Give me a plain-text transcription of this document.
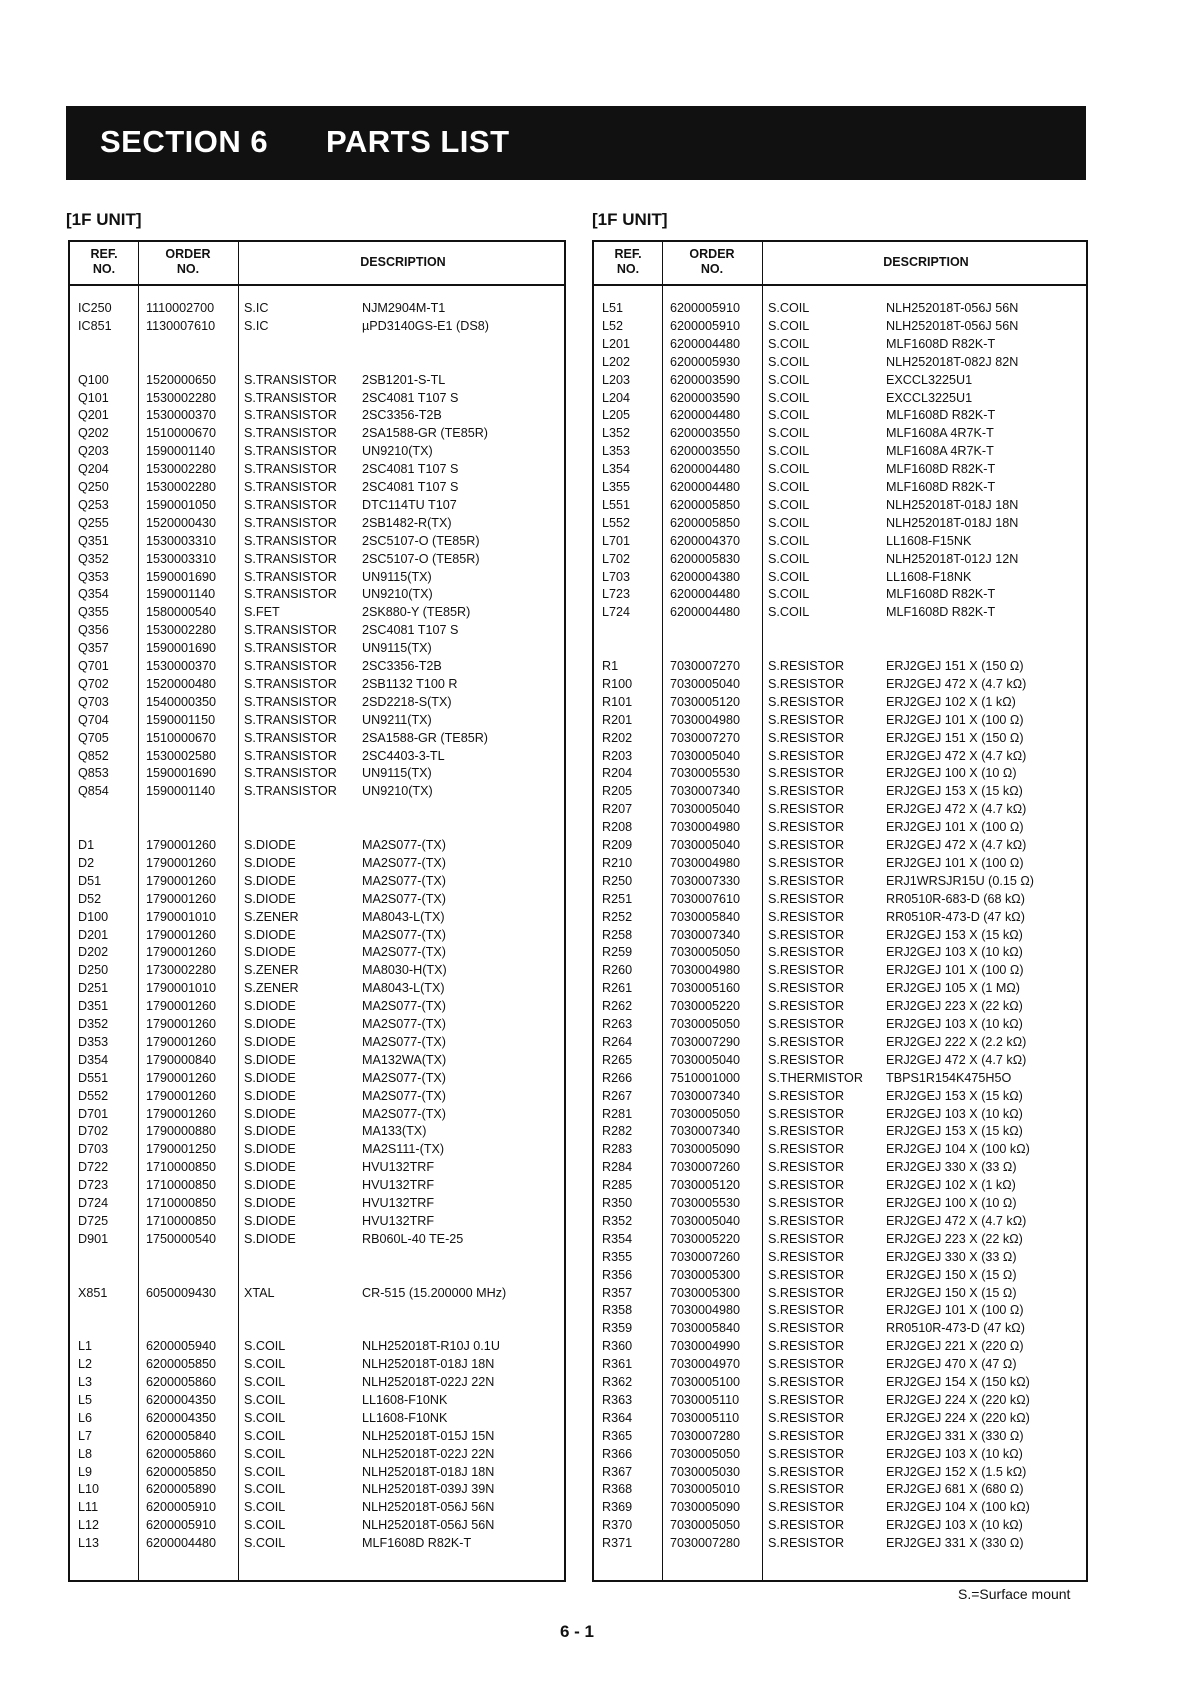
SECTION 6 PARTS LIST
[1F UNIT]	[1F UNIT]
REF.
NO.
ORDER
NO.	DESCRIPTION
IC250	1110002700 S.IC	NJM2904M-T1
IC851	1130007610 S.IC	µPD3140GS-E1 (DS8)
Q100	1520000650 S.TRANSISTOR 2SB1201-S-TL
Q101	1530002280 S.TRANSISTOR 2SC4081 T107 S
Q201	1530000370 S.TRANSISTOR 2SC3356-T2B
Q202	1510000670 S.TRANSISTOR 2SA1588-GR (TE85R)
Q203	1590001140 S.TRANSISTOR UN9210(TX)
Q204	1530002280 S.TRANSISTOR 2SC4081 T107 S
Q250	1530002280 S.TRANSISTOR 2SC4081 T107 S
Q253	1590001050 S.TRANSISTOR DTC114TU T107
Q255	1520000430 S.TRANSISTOR 2SB1482-R(TX)
Q351	1530003310 S.TRANSISTOR 2SC5107-O (TE85R)
Q352	1530003310 S.TRANSISTOR 2SC5107-O (TE85R)
Q353	1590001690 S.TRANSISTOR UN9115(TX)
Q354	1590001140 S.TRANSISTOR UN9210(TX)
Q355	1580000540 S.FET	2SK880-Y (TE85R)
Q356	1530002280 S.TRANSISTOR 2SC4081 T107 S
Q357	1590001690 S.TRANSISTOR UN9115(TX)
Q701	1530000370 S.TRANSISTOR 2SC3356-T2B
Q702	1520000480 S.TRANSISTOR 2SB1132 T100 R
Q703	1540000350 S.TRANSISTOR 2SD2218-S(TX)
Q704	1590001150 S.TRANSISTOR UN9211(TX)
Q705	1510000670 S.TRANSISTOR 2SA1588-GR (TE85R)
Q852	1530002580 S.TRANSISTOR 2SC4403-3-TL
Q853	1590001690 S.TRANSISTOR UN9115(TX)
Q854	1590001140 S.TRANSISTOR UN9210(TX)
D1	1790001260 S.DIODE	MA2S077-(TX)
D2	1790001260 S.DIODE	MA2S077-(TX)
D51	1790001260 S.DIODE	MA2S077-(TX)
D52	1790001260 S.DIODE	MA2S077-(TX)
D100	1790001010 S.ZENER	MA8043-L(TX)
D201	1790001260 S.DIODE	MA2S077-(TX)
D202	1790001260 S.DIODE	MA2S077-(TX)
D250	1730002280 S.ZENER	MA8030-H(TX)
D251	1790001010 S.ZENER	MA8043-L(TX)
D351	1790001260 S.DIODE	MA2S077-(TX)
D352	1790001260 S.DIODE	MA2S077-(TX)
D353	1790001260 S.DIODE	MA2S077-(TX)
D354	1790000840 S.DIODE	MA132WA(TX)
D551	1790001260 S.DIODE	MA2S077-(TX)
D552	1790001260 S.DIODE	MA2S077-(TX)
D701	1790001260 S.DIODE	MA2S077-(TX)
D702	1790000880 S.DIODE	MA133(TX)
D703	1790001250 S.DIODE	MA2S111-(TX)
D722	1710000850 S.DIODE	HVU132TRF
D723	1710000850 S.DIODE	HVU132TRF
D724	1710000850 S.DIODE	HVU132TRF
D725	1710000850 S.DIODE	HVU132TRF
D901	1750000540 S.DIODE	RB060L-40 TE-25
X851	6050009430 XTAL	CR-515 (15.200000 MHz)
L1	6200005940 S.COIL	NLH252018T-R10J 0.1U
L2	6200005850 S.COIL	NLH252018T-018J 18N
L3	6200005860 S.COIL	NLH252018T-022J 22N
L5	6200004350 S.COIL	LL1608-F10NK
L6	6200004350 S.COIL	LL1608-F10NK
L7	6200005840 S.COIL	NLH252018T-015J 15N
L8	6200005860 S.COIL	NLH252018T-022J 22N
L9	6200005850 S.COIL	NLH252018T-018J 18N
L10	6200005890 S.COIL	NLH252018T-039J 39N
L11	6200005910 S.COIL	NLH252018T-056J 56N
L12	6200005910 S.COIL	NLH252018T-056J 56N
L13	6200004480 S.COIL	MLF1608D R82K-T
REF.
NO.
ORDER
NO.	DESCRIPTION
L51	6200005910 S.COIL	NLH252018T-056J 56N
L52	6200005910 S.COIL	NLH252018T-056J 56N
L201	6200004480 S.COIL	MLF1608D R82K-T
L202	6200005930 S.COIL	NLH252018T-082J 82N
L203	6200003590 S.COIL	EXCCL3225U1
L204	6200003590 S.COIL	EXCCL3225U1
L205	6200004480 S.COIL	MLF1608D R82K-T
L352	6200003550 S.COIL	MLF1608A 4R7K-T
L353	6200003550 S.COIL	MLF1608A 4R7K-T
L354	6200004480 S.COIL	MLF1608D R82K-T
L355	6200004480 S.COIL	MLF1608D R82K-T
L551	6200005850 S.COIL	NLH252018T-018J 18N
L552	6200005850 S.COIL	NLH252018T-018J 18N
L701	6200004370 S.COIL	LL1608-F15NK
L702	6200005830 S.COIL	NLH252018T-012J 12N
L703	6200004380 S.COIL	LL1608-F18NK
L723	6200004480 S.COIL	MLF1608D R82K-T
L724	6200004480 S.COIL	MLF1608D R82K-T
R1	7030007270 S.RESISTOR	ERJ2GEJ 151 X (150 Ω)
R100	7030005040 S.RESISTOR	ERJ2GEJ 472 X (4.7 kΩ)
R101	7030005120 S.RESISTOR	ERJ2GEJ 102 X (1 kΩ)
R201	7030004980 S.RESISTOR	ERJ2GEJ 101 X (100 Ω)
R202	7030007270 S.RESISTOR	ERJ2GEJ 151 X (150 Ω)
R203	7030005040 S.RESISTOR	ERJ2GEJ 472 X (4.7 kΩ)
R204	7030005530 S.RESISTOR	ERJ2GEJ 100 X (10 Ω)
R205	7030007340 S.RESISTOR	ERJ2GEJ 153 X (15 kΩ)
R207	7030005040 S.RESISTOR	ERJ2GEJ 472 X (4.7 kΩ)
R208	7030004980 S.RESISTOR	ERJ2GEJ 101 X (100 Ω)
R209	7030005040 S.RESISTOR	ERJ2GEJ 472 X (4.7 kΩ)
R210	7030004980 S.RESISTOR	ERJ2GEJ 101 X (100 Ω)
R250	7030007330 S.RESISTOR	ERJ1WRSJR15U (0.15 Ω)
R251	7030007610 S.RESISTOR	RR0510R-683-D (68 kΩ)
R252	7030005840 S.RESISTOR	RR0510R-473-D (47 kΩ)
R258	7030007340 S.RESISTOR	ERJ2GEJ 153 X (15 kΩ)
R259	7030005050 S.RESISTOR	ERJ2GEJ 103 X (10 kΩ)
R260	7030004980 S.RESISTOR	ERJ2GEJ 101 X (100 Ω)
R261	7030005160 S.RESISTOR	ERJ2GEJ 105 X (1 MΩ)
R262	7030005220 S.RESISTOR	ERJ2GEJ 223 X (22 kΩ)
R263	7030005050 S.RESISTOR	ERJ2GEJ 103 X (10 kΩ)
R264	7030007290 S.RESISTOR	ERJ2GEJ 222 X (2.2 kΩ)
R265	7030005040 S.RESISTOR	ERJ2GEJ 472 X (4.7 kΩ)
R266	7510001000 S.THERMISTOR TBPS1R154K475H5O
R267	7030007340 S.RESISTOR	ERJ2GEJ 153 X (15 kΩ)
R281	7030005050 S.RESISTOR	ERJ2GEJ 103 X (10 kΩ)
R282	7030007340 S.RESISTOR	ERJ2GEJ 153 X (15 kΩ)
R283	7030005090 S.RESISTOR	ERJ2GEJ 104 X (100 kΩ)
R284	7030007260 S.RESISTOR	ERJ2GEJ 330 X (33 Ω)
R285	7030005120 S.RESISTOR	ERJ2GEJ 102 X (1 kΩ)
R350	7030005530 S.RESISTOR	ERJ2GEJ 100 X (10 Ω)
R352	7030005040 S.RESISTOR	ERJ2GEJ 472 X (4.7 kΩ)
R354	7030005220 S.RESISTOR	ERJ2GEJ 223 X (22 kΩ)
R355	7030007260 S.RESISTOR	ERJ2GEJ 330 X (33 Ω)
R356	7030005300 S.RESISTOR	ERJ2GEJ 150 X (15 Ω)
R357	7030005300 S.RESISTOR	ERJ2GEJ 150 X (15 Ω)
R358	7030004980 S.RESISTOR	ERJ2GEJ 101 X (100 Ω)
R359	7030005840 S.RESISTOR	RR0510R-473-D (47 kΩ)
R360	7030004990 S.RESISTOR	ERJ2GEJ 221 X (220 Ω)
R361	7030004970 S.RESISTOR	ERJ2GEJ 470 X (47 Ω)
R362	7030005100 S.RESISTOR	ERJ2GEJ 154 X (150 kΩ)
R363	7030005110 S.RESISTOR	ERJ2GEJ 224 X (220 kΩ)
R364	7030005110 S.RESISTOR	ERJ2GEJ 224 X (220 kΩ)
R365	7030007280 S.RESISTOR	ERJ2GEJ 331 X (330 Ω)
R366	7030005050 S.RESISTOR	ERJ2GEJ 103 X (10 kΩ)
R367	7030005030 S.RESISTOR	ERJ2GEJ 152 X (1.5 kΩ)
R368	7030005010 S.RESISTOR	ERJ2GEJ 681 X (680 Ω)
R369	7030005090 S.RESISTOR	ERJ2GEJ 104 X (100 kΩ)
R370	7030005050 S.RESISTOR	ERJ2GEJ 103 X (10 kΩ)
R371	7030007280 S.RESISTOR	ERJ2GEJ 331 X (330 Ω)
S.=Surface mount
6 - 1
